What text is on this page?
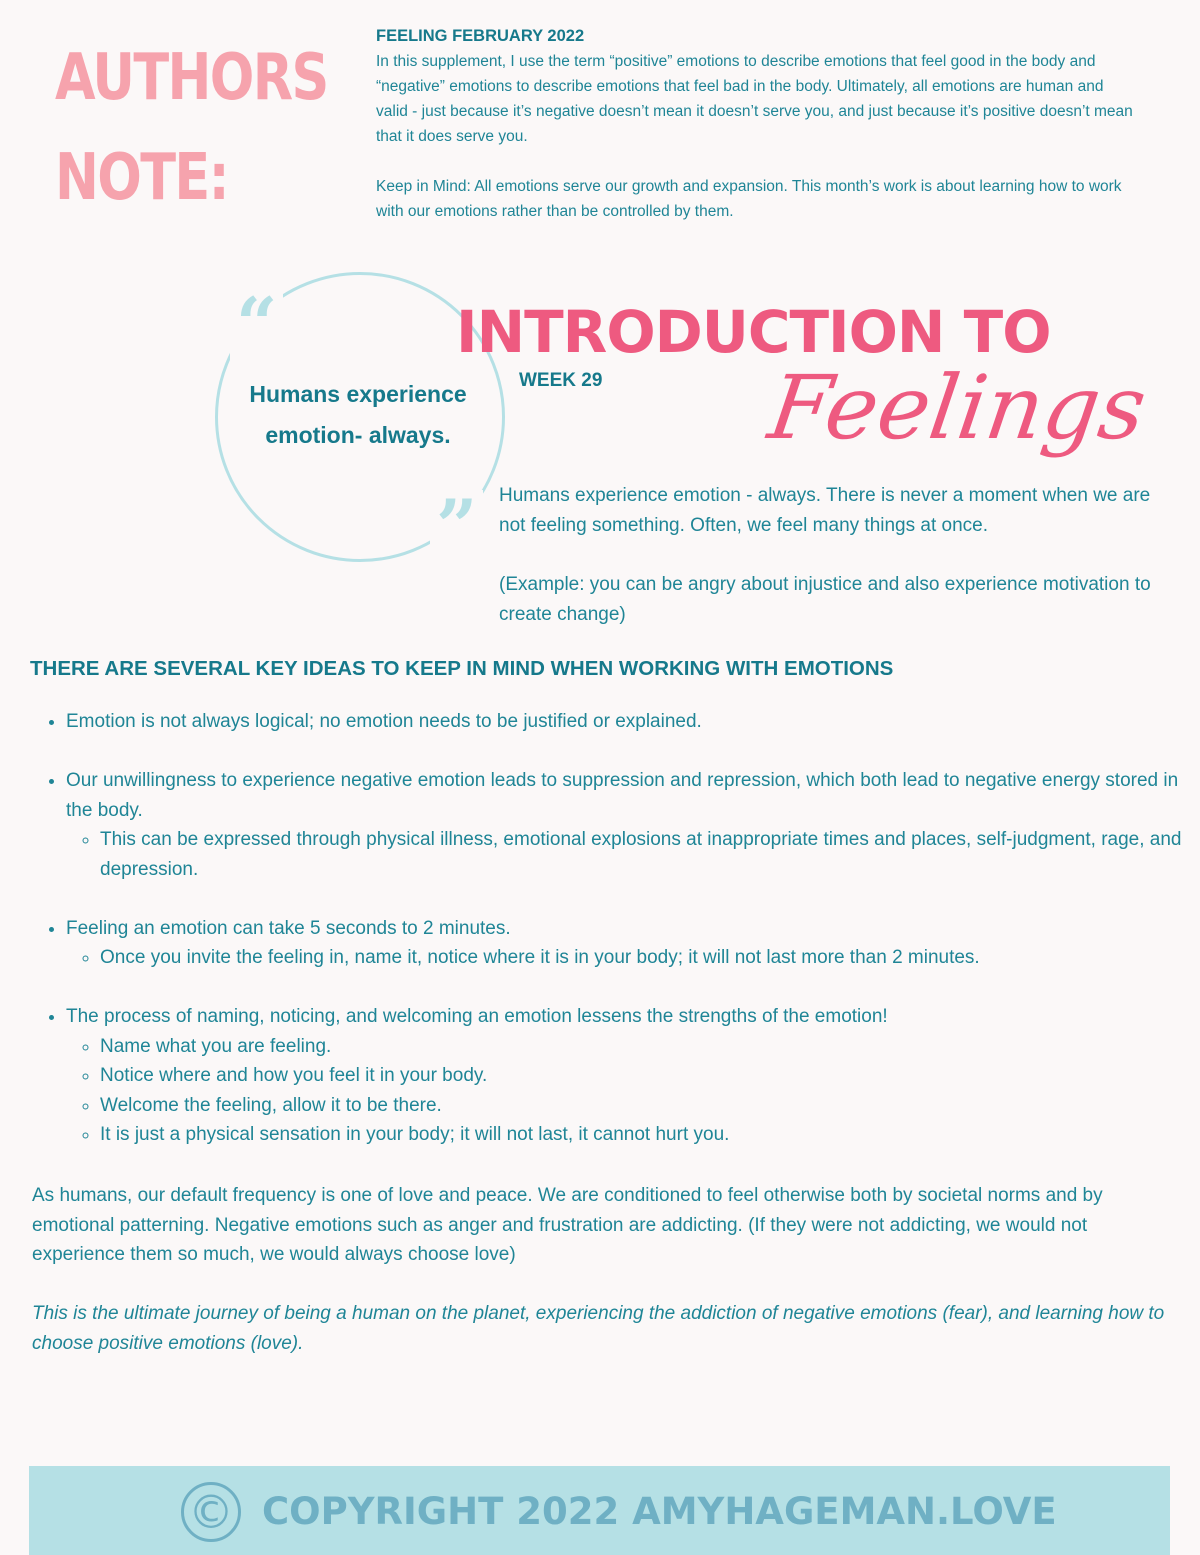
AUTHORS
NOTE:
FEELING FEBRUARY 2022

In this supplement, I use the term “positive” emotions to describe emotions that feel good in the body and “negative” emotions to describe emotions that feel bad in the body. Ultimately, all emotions are human and valid - just because it’s negative doesn’t mean it doesn’t serve you, and just because it’s positive doesn’t mean that it does serve you.

Keep in Mind: All emotions serve our growth and expansion. This month’s work is about learning how to work with our emotions rather than be controlled by them.

“
”
Humans experience emotion- always.
INTRODUCTION TO
WEEK 29 Feelings

Humans experience emotion - always. There is never a moment when we are not feeling something. Often, we feel many things at once.

(Example: you can be angry about injustice and also experience motivation to create change)

THERE ARE SEVERAL KEY IDEAS TO KEEP IN MIND WHEN WORKING WITH EMOTIONS
• Emotion is not always logical; no emotion needs to be justified or explained.
• Our unwillingness to experience negative emotion leads to suppression and repression, which both lead to negative energy stored in the body.
◦ This can be expressed through physical illness, emotional explosions at inappropriate times and places, self-judgment, rage, and depression.
• Feeling an emotion can take 5 seconds to 2 minutes.
◦ Once you invite the feeling in, name it, notice where it is in your body; it will not last more than 2 minutes.
• The process of naming, noticing, and welcoming an emotion lessens the strengths of the emotion!
◦ Name what you are feeling.
◦ Notice where and how you feel it in your body.
◦ Welcome the feeling, allow it to be there.
◦ It is just a physical sensation in your body; it will not last, it cannot hurt you.

As humans, our default frequency is one of love and peace. We are conditioned to feel otherwise both by societal norms and by emotional patterning. Negative emotions such as anger and frustration are addicting. (If they were not addicting, we would not experience them so much, we would always choose love)

This is the ultimate journey of being a human on the planet, experiencing the addiction of negative emotions (fear), and learning how to choose positive emotions (love).

© COPYRIGHT 2022 AMYHAGEMAN.LOVE
